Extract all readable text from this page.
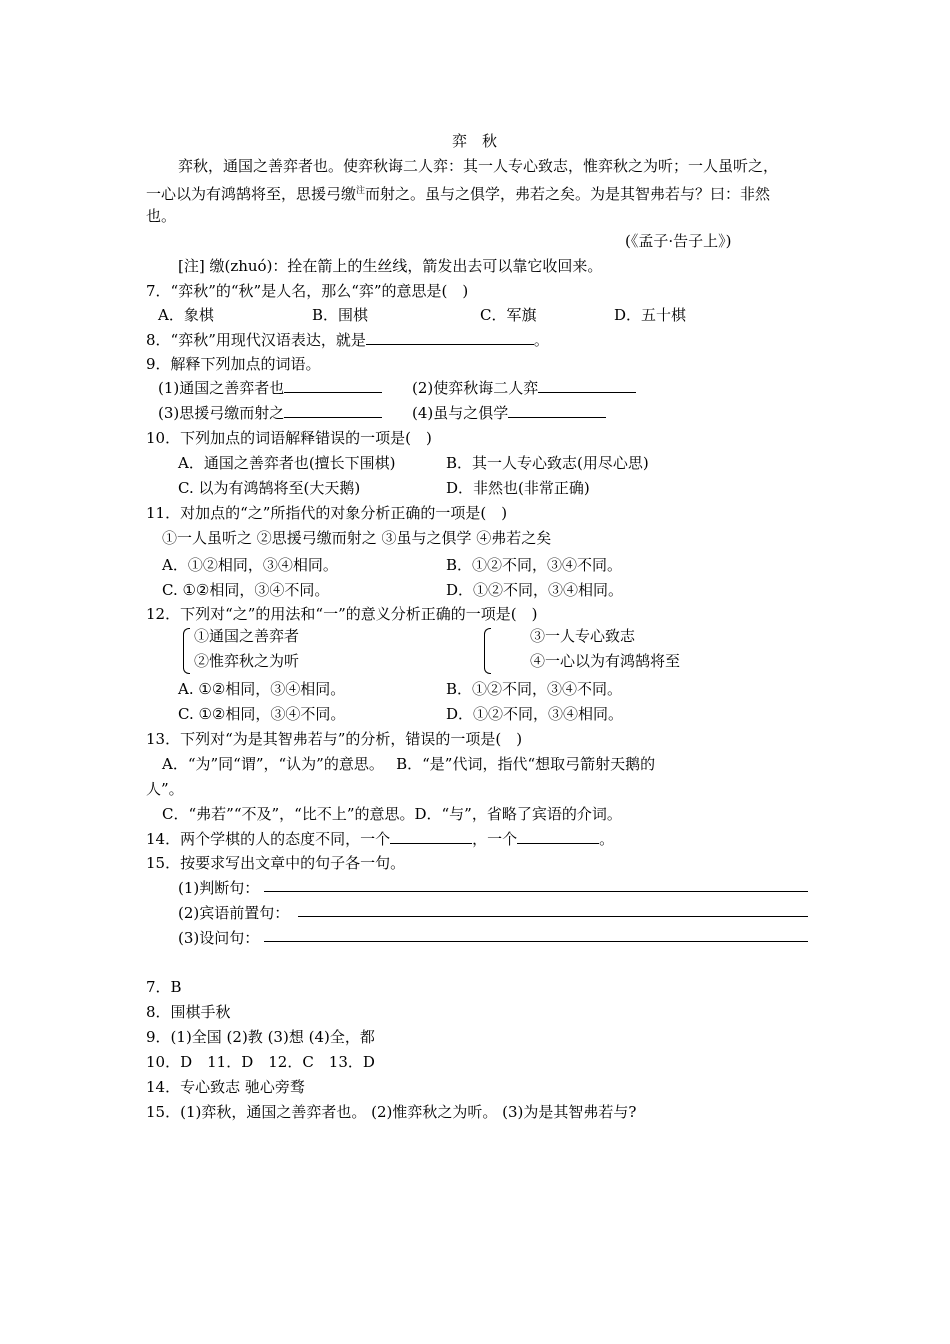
弈　秋
弈秋，通国之善弈者也。使弈秋诲二人弈：其一人专心致志，惟弈秋之为听；一人虽听之，
一心以为有鸿鹄将至，思援弓缴$^注$而射之。虽与之俱学，弗若之矣。为是其智弗若与？曰：非然
也。
(《孟子·告子上》)
[注] 缴(zhuó)：拴在箭上的生丝线，箭发出去可以靠它收回来。
7．“弈秋”的“秋”是人名，那么“弈”的意思是(　)
A．象棋	B．围棋	C．军旗	D．五十棋
8．“弈秋”用现代汉语表达，就是	。
9．解释下列加点的词语。
(1)通国之善弈者也	(2)使弈秋诲二人弈
(3)思援弓缴而射之	(4)虽与之俱学
10．下列加点的词语解释错误的一项是(　)
A．通国之善弈者也(擅长下围棋)	B．其一人专心致志(用尽心思)
C. 以为有鸿鹄将至(大天鹅)	D．非然也(非常正确)
11．对加点的“之”所指代的对象分析正确的一项是(　)
①一人虽听之 ②思援弓缴而射之 ③虽与之俱学 ④弗若之矣
A．①②相同，③④相同。	B．①②不同，③④不同。
C. ①②相同，③④不同。	D．①②不同，③④相同。
12．下列对“之”的用法和“一”的意义分析正确的一项是(　)
①通国之善弈者
②惟弈秋之为听
③一人专心致志
④一心以为有鸿鹄将至
A. ①②相同，③④相同。	B．①②不同，③④不同。
C. ①②相同，③④不同。	D．①②不同，③④相同。
13．下列对“为是其智弗若与”的分析，错误的一项是(　)
A．“为”同“谓”，“认为”的意思。　 B．“是”代词，指代“想取弓箭射天鹅的
人”。
C．“弗若”“不及”，“比不上”的意思。D．“与”，省略了宾语的介词。
14．两个学棋的人的态度不同，一个	，一个	。
15．按要求写出文章中的句子各一句。
(1)判断句：
(2)宾语前置句：
(3)设问句：
7．B
8．围棋手秋
9．(1)全国 (2)教 (3)想 (4)全，都
10．D　11．D　12．C　13．D
14．专心致志 驰心旁骛
15．(1)弈秋，通国之善弈者也。 (2)惟弈秋之为听。 (3)为是其智弗若与?
